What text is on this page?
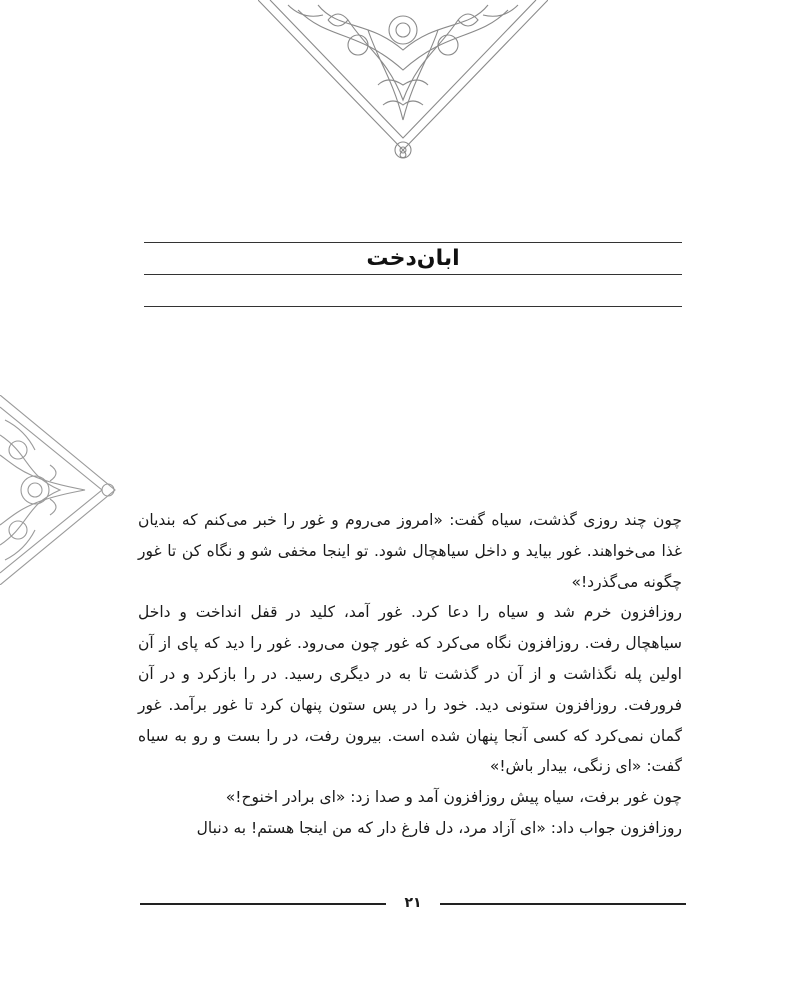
ابان‌دخت

چون چند روزی گذشت، سیاه گفت: «امروز می‌روم و غور را خبر می‌کنم که بندیان غذا می‌خواهند. غور بیاید و داخل سیاهچال شود. تو اینجا مخفی شو و نگاه کن تا غور چگونه می‌گذرد!»

روزافزون خرم شد و سیاه را دعا کرد. غور آمد، کلید در قفل انداخت و داخل سیاهچال رفت. روزافزون نگاه می‌کرد که غور چون می‌رود. غور را دید که پای از آن اولین پله نگذاشت و از آن در گذشت تا به در دیگری رسید. در را بازکرد و در آن فرورفت. روزافزون ستونی دید. خود را در پس ستون پنهان کرد تا غور برآمد. غور گمان نمی‌کرد که کسی آنجا پنهان شده است. بیرون رفت، در را بست و رو به سیاه گفت: «ای زنگی، بیدار باش!»

چون غور برفت، سیاه پیش روزافزون آمد و صدا زد: «ای برادر اخنوح!»

روزافزون جواب داد: «ای آزاد مرد، دل فارغ دار که من اینجا هستم! به دنبال

۲۱
